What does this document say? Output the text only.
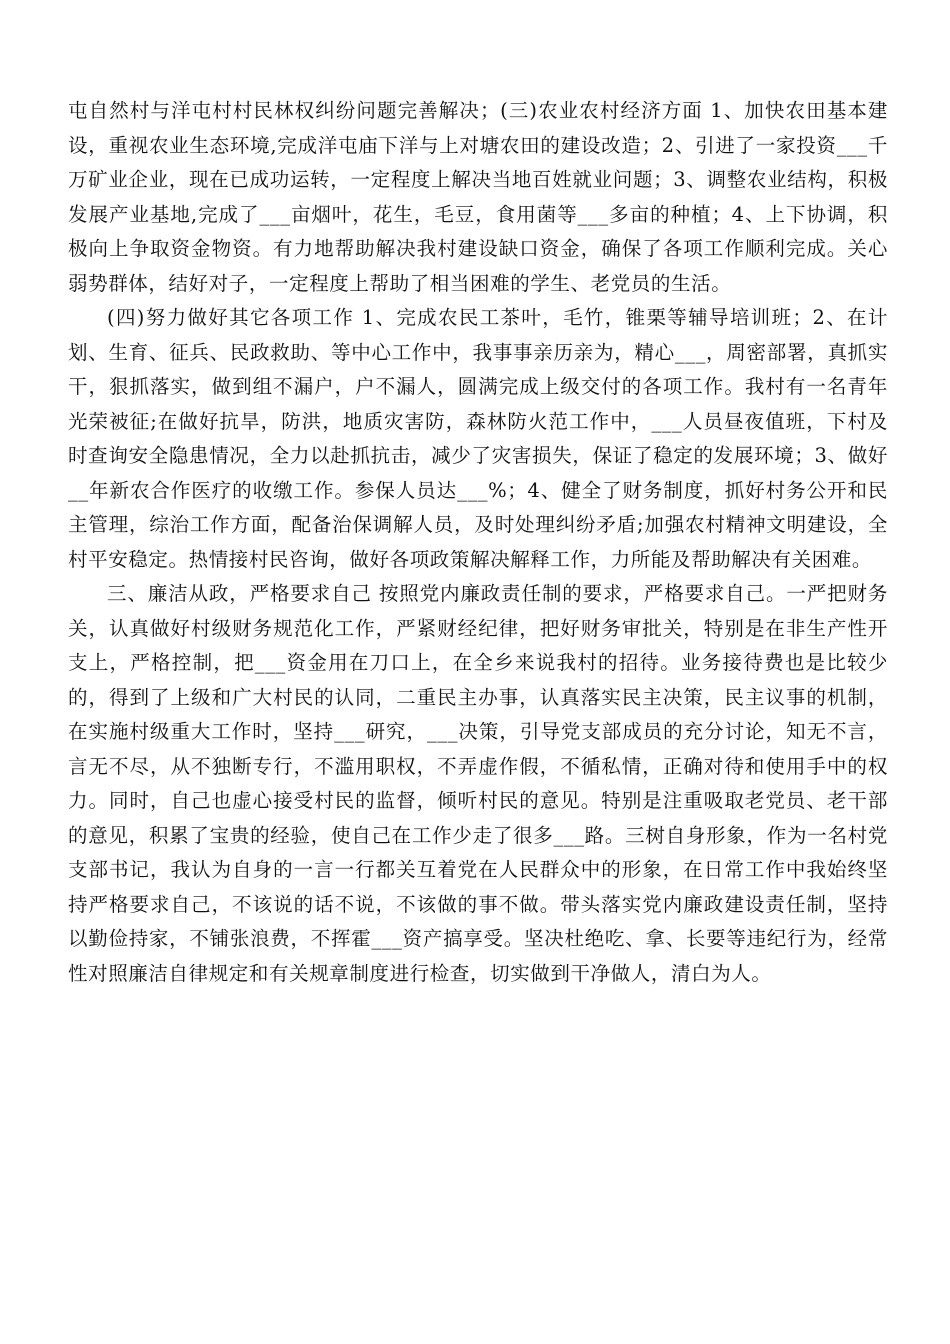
屯自然村与洋屯村村民林权纠纷问题完善解决；(三)农业农村经济方面 1、加快农田基本建设，重视农业生态环境,完成洋屯庙下洋与上对塘农田的建设改造；2、引进了一家投资___千万矿业企业，现在已成功运转，一定程度上解决当地百姓就业问题；3、调整农业结构，积极发展产业基地,完成了___亩烟叶，花生，毛豆，食用菌等___多亩的种植；4、上下协调，积极向上争取资金物资。有力地帮助解决我村建设缺口资金，确保了各项工作顺利完成。关心弱势群体，结好对子，一定程度上帮助了相当困难的学生、老党员的生活。

(四)努力做好其它各项工作 1、完成农民工茶叶，毛竹，锥栗等辅导培训班；2、在计划、生育、征兵、民政救助、等中心工作中，我事事亲历亲为，精心___，周密部署，真抓实干，狠抓落实，做到组不漏户，户不漏人，圆满完成上级交付的各项工作。我村有一名青年光荣被征;在做好抗旱，防洪，地质灾害防，森林防火范工作中，___人员昼夜值班，下村及时查询安全隐患情况，全力以赴抓抗击，减少了灾害损失，保证了稳定的发展环境；3、做好__年新农合作医疗的收缴工作。参保人员达___%；4、健全了财务制度，抓好村务公开和民主管理，综治工作方面，配备治保调解人员，及时处理纠纷矛盾;加强农村精神文明建设，全村平安稳定。热情接村民咨询，做好各项政策解决解释工作，力所能及帮助解决有关困难。

三、廉洁从政，严格要求自己 按照党内廉政责任制的要求，严格要求自己。一严把财务关，认真做好村级财务规范化工作，严紧财经纪律，把好财务审批关，特别是在非生产性开支上，严格控制，把___资金用在刀口上，在全乡来说我村的招待。业务接待费也是比较少的，得到了上级和广大村民的认同，二重民主办事，认真落实民主决策，民主议事的机制，在实施村级重大工作时，坚持___研究，___决策，引导党支部成员的充分讨论，知无不言，言无不尽，从不独断专行，不滥用职权，不弄虚作假，不循私情，正确对待和使用手中的权力。同时，自己也虚心接受村民的监督，倾听村民的意见。特别是注重吸取老党员、老干部的意见，积累了宝贵的经验，使自己在工作少走了很多___路。三树自身形象，作为一名村党支部书记，我认为自身的一言一行都关互着党在人民群众中的形象，在日常工作中我始终坚持严格要求自己，不该说的话不说，不该做的事不做。带头落实党内廉政建设责任制，坚持以勤俭持家，不铺张浪费，不挥霍___资产搞享受。坚决杜绝吃、拿、长要等违纪行为，经常性对照廉洁自律规定和有关规章制度进行检查，切实做到干净做人，清白为人。
